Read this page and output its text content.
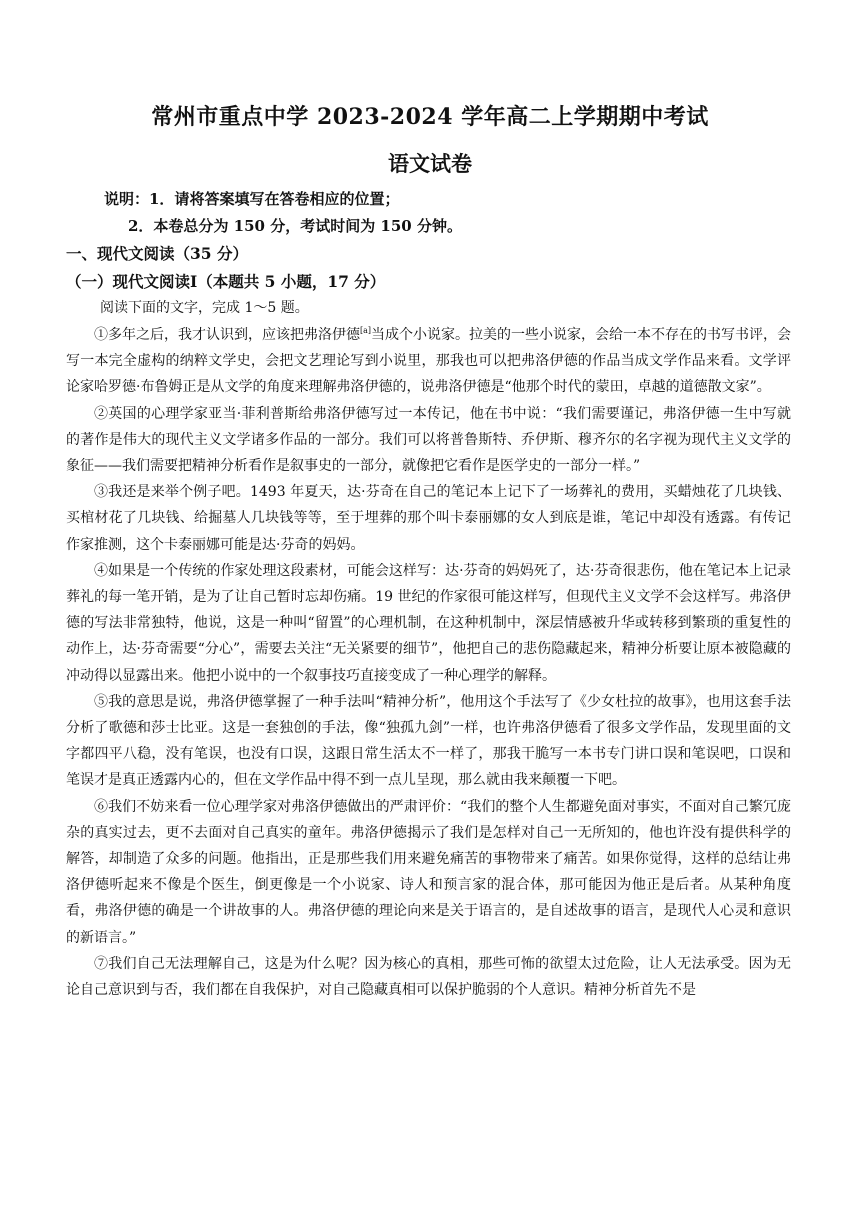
常州市重点中学 2023-2024 学年高二上学期期中考试
语文试卷
说明：1．请将答案填写在答卷相应的位置；
2．本卷总分为 150 分，考试时间为 150 分钟。
一、现代文阅读（35 分）
（一）现代文阅读Ⅰ（本题共 5 小题，17 分）
阅读下面的文字，完成 1～5 题。

①多年之后，我才认识到，应该把弗洛伊德[a]当成个小说家。拉美的一些小说家，会给一本不存在的书写书评，会写一本完全虚构的纳粹文学史，会把文艺理论写到小说里，那我也可以把弗洛伊德的作品当成文学作品来看。文学评论家哈罗德·布鲁姆正是从文学的角度来理解弗洛伊德的，说弗洛伊德是“他那个时代的蒙田，卓越的道德散文家”。

②英国的心理学家亚当·菲利普斯给弗洛伊德写过一本传记，他在书中说：“我们需要谨记，弗洛伊德一生中写就的著作是伟大的现代主义文学诸多作品的一部分。我们可以将普鲁斯特、乔伊斯、穆齐尔的名字视为现代主义文学的象征——我们需要把精神分析看作是叙事史的一部分，就像把它看作是医学史的一部分一样。”

③我还是来举个例子吧。1493 年夏天，达·芬奇在自己的笔记本上记下了一场葬礼的费用，买蜡烛花了几块钱、买棺材花了几块钱、给掘墓人几块钱等等，至于埋葬的那个叫卡泰丽娜的女人到底是谁，笔记中却没有透露。有传记作家推测，这个卡泰丽娜可能是达·芬奇的妈妈。

④如果是一个传统的作家处理这段素材，可能会这样写：达·芬奇的妈妈死了，达·芬奇很悲伤，他在笔记本上记录葬礼的每一笔开销，是为了让自己暂时忘却伤痛。19 世纪的作家很可能这样写，但现代主义文学不会这样写。弗洛伊德的写法非常独特，他说，这是一种叫“留置”的心理机制，在这种机制中，深层情感被升华或转移到繁琐的重复性的动作上，达·芬奇需要“分心”，需要去关注“无关紧要的细节”，他把自己的悲伤隐藏起来，精神分析要让原本被隐藏的冲动得以显露出来。他把小说中的一个叙事技巧直接变成了一种心理学的解释。

⑤我的意思是说，弗洛伊德掌握了一种手法叫“精神分析”，他用这个手法写了《少女杜拉的故事》，也用这套手法分析了歌德和莎士比亚。这是一套独创的手法，像“独孤九剑”一样，也许弗洛伊德看了很多文学作品，发现里面的文字都四平八稳，没有笔误，也没有口误，这跟日常生活太不一样了，那我干脆写一本书专门讲口误和笔误吧，口误和笔误才是真正透露内心的，但在文学作品中得不到一点儿呈现，那么就由我来颠覆一下吧。

⑥我们不妨来看一位心理学家对弗洛伊德做出的严肃评价：“我们的整个人生都避免面对事实，不面对自己繁冗庞杂的真实过去，更不去面对自己真实的童年。弗洛伊德揭示了我们是怎样对自己一无所知的，他也许没有提供科学的解答，却制造了众多的问题。他指出，正是那些我们用来避免痛苦的事物带来了痛苦。如果你觉得，这样的总结让弗洛伊德听起来不像是个医生，倒更像是一个小说家、诗人和预言家的混合体，那可能因为他正是后者。从某种角度看，弗洛伊德的确是一个讲故事的人。弗洛伊德的理论向来是关于语言的，是自述故事的语言，是现代人心灵和意识的新语言。”

⑦我们自己无法理解自己，这是为什么呢？因为核心的真相，那些可怖的欲望太过危险，让人无法承受。因为无论自己意识到与否，我们都在自我保护，对自己隐藏真相可以保护脆弱的个人意识。精神分析首先不是
